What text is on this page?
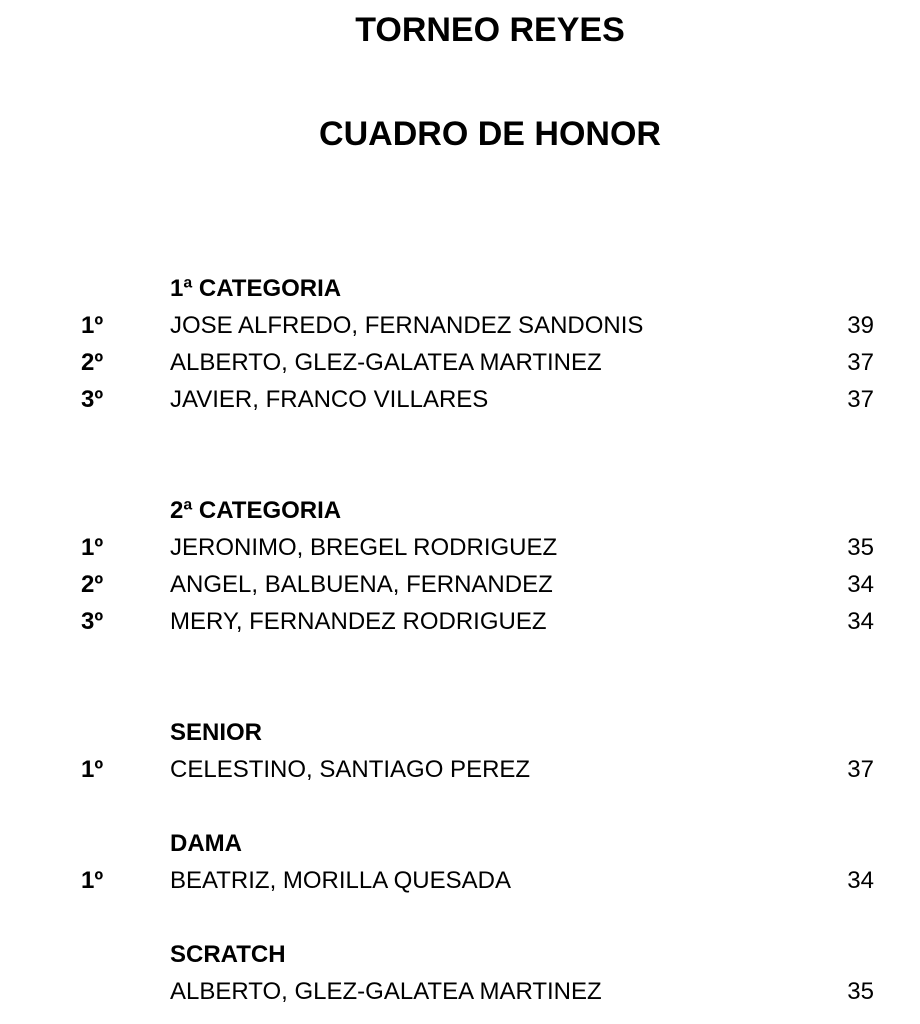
TORNEO REYES
CUADRO DE HONOR
1ª CATEGORIA
1º	JOSE ALFREDO, FERNANDEZ SANDONIS	39
2º	ALBERTO, GLEZ-GALATEA MARTINEZ	37
3º	JAVIER, FRANCO VILLARES	37
2ª CATEGORIA
1º	JERONIMO, BREGEL RODRIGUEZ	35
2º	ANGEL, BALBUENA, FERNANDEZ	34
3º	MERY, FERNANDEZ RODRIGUEZ	34
SENIOR
1º	CELESTINO, SANTIAGO PEREZ	37
DAMA
1º	BEATRIZ, MORILLA QUESADA	34
SCRATCH
ALBERTO, GLEZ-GALATEA MARTINEZ	35
